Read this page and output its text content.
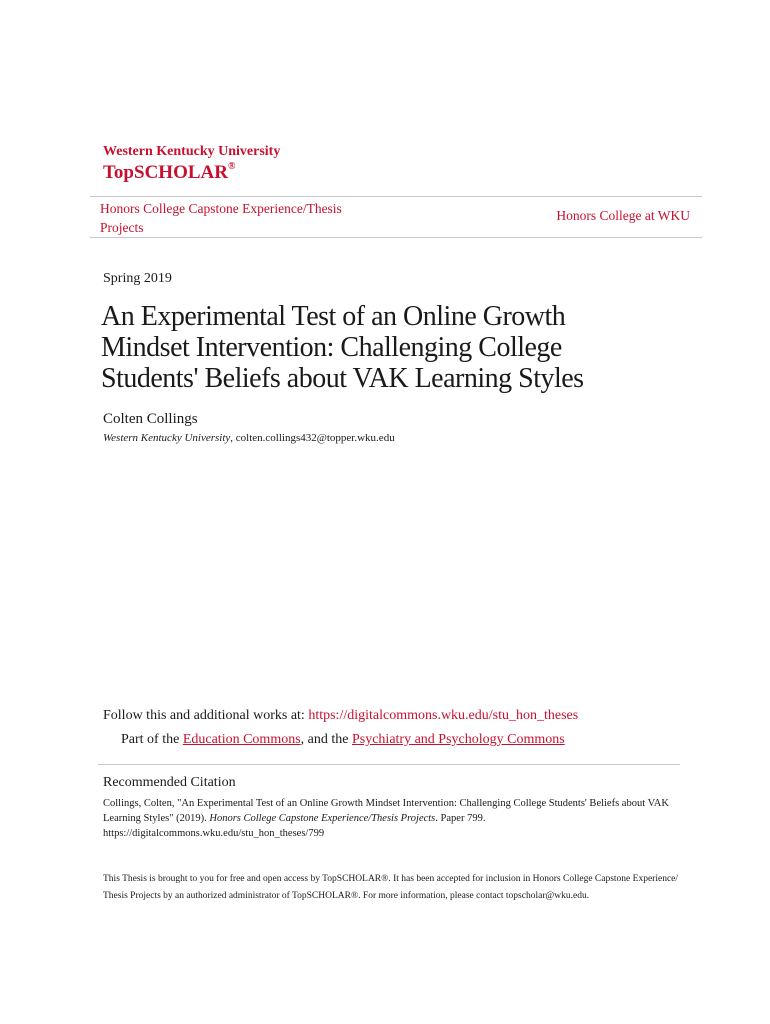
Western Kentucky University
TopSCHOLAR®
Honors College Capstone Experience/Thesis
Projects
Honors College at WKU
Spring 2019
An Experimental Test of an Online Growth
Mindset Intervention: Challenging College
Students' Beliefs about VAK Learning Styles
Colten Collings
Western Kentucky University, colten.collings432@topper.wku.edu
Follow this and additional works at: https://digitalcommons.wku.edu/stu_hon_theses
Part of the Education Commons, and the Psychiatry and Psychology Commons
Recommended Citation
Collings, Colten, "An Experimental Test of an Online Growth Mindset Intervention: Challenging College Students' Beliefs about VAK Learning Styles" (2019). Honors College Capstone Experience/Thesis Projects. Paper 799.
https://digitalcommons.wku.edu/stu_hon_theses/799
This Thesis is brought to you for free and open access by TopSCHOLAR®. It has been accepted for inclusion in Honors College Capstone Experience/ Thesis Projects by an authorized administrator of TopSCHOLAR®. For more information, please contact topscholar@wku.edu.
